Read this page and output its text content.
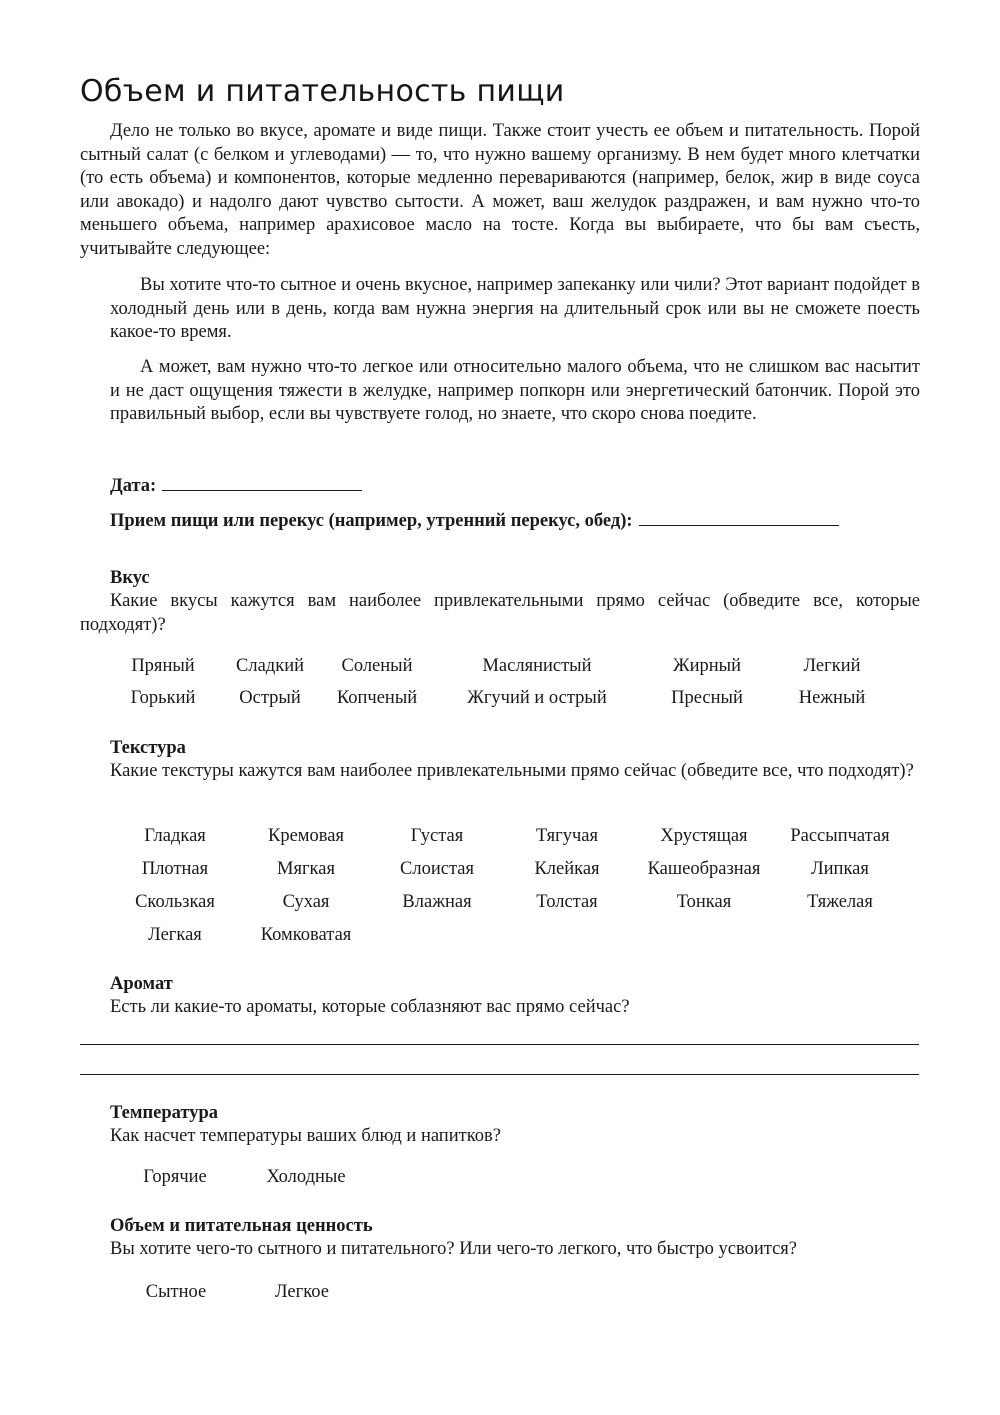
Объем и питательность пищи
Дело не только во вкусе, аромате и виде пищи. Также стоит учесть ее объем и питательность. Порой сытный салат (с белком и углеводами) — то, что нужно вашему организму. В нем будет много клетчатки (то есть объема) и компонентов, которые медленно перевариваются (например, белок, жир в виде соуса или авокадо) и надолго дают чувство сытости. А может, ваш желудок раздражен, и вам нужно что-то меньшего объема, например арахисовое масло на тосте. Когда вы выбираете, что бы вам съесть, учитывайте следующее:
Вы хотите что-то сытное и очень вкусное, например запеканку или чили? Этот вариант подойдет в холодный день или в день, когда вам нужна энергия на длительный срок или вы не сможете поесть какое-то время.
А может, вам нужно что-то легкое или относительно малого объема, что не слишком вас насытит и не даст ощущения тяжести в желудке, например попкорн или энергетический батончик. Порой это правильный выбор, если вы чувствуете голод, но знаете, что скоро снова поедите.
Дата:
Прием пищи или перекус (например, утренний перекус, обед):
Вкус
Какие вкусы кажутся вам наиболее привлекательными прямо сейчас (обведите все, которые подходят)?
Пряный Сладкий Соленый	Маслянистый	Жирный	Легкий
Горький Острый Копченый	Жгучий и острый	Пресный	Нежный
Текстура
Какие текстуры кажутся вам наиболее привлекательными прямо сейчас (обведите все, что подходят)?
Гладкая	Кремовая	Густая	Тягучая	Хрустящая Рассыпчатая
Плотная	Мягкая	Слоистая	Клейкая	Кашеобразная	Липкая
Скользкая	Сухая	Влажная	Толстая	Тонкая	Тяжелая
Легкая	Комковатая
Аромат
Есть ли какие-то ароматы, которые соблазняют вас прямо сейчас?
Температура
Как насчет температуры ваших блюд и напитков?
Горячие	Холодные
Объем и питательная ценность
Вы хотите чего-то сытного и питательного? Или чего-то легкого, что быстро усвоится?
Сытное	Легкое
